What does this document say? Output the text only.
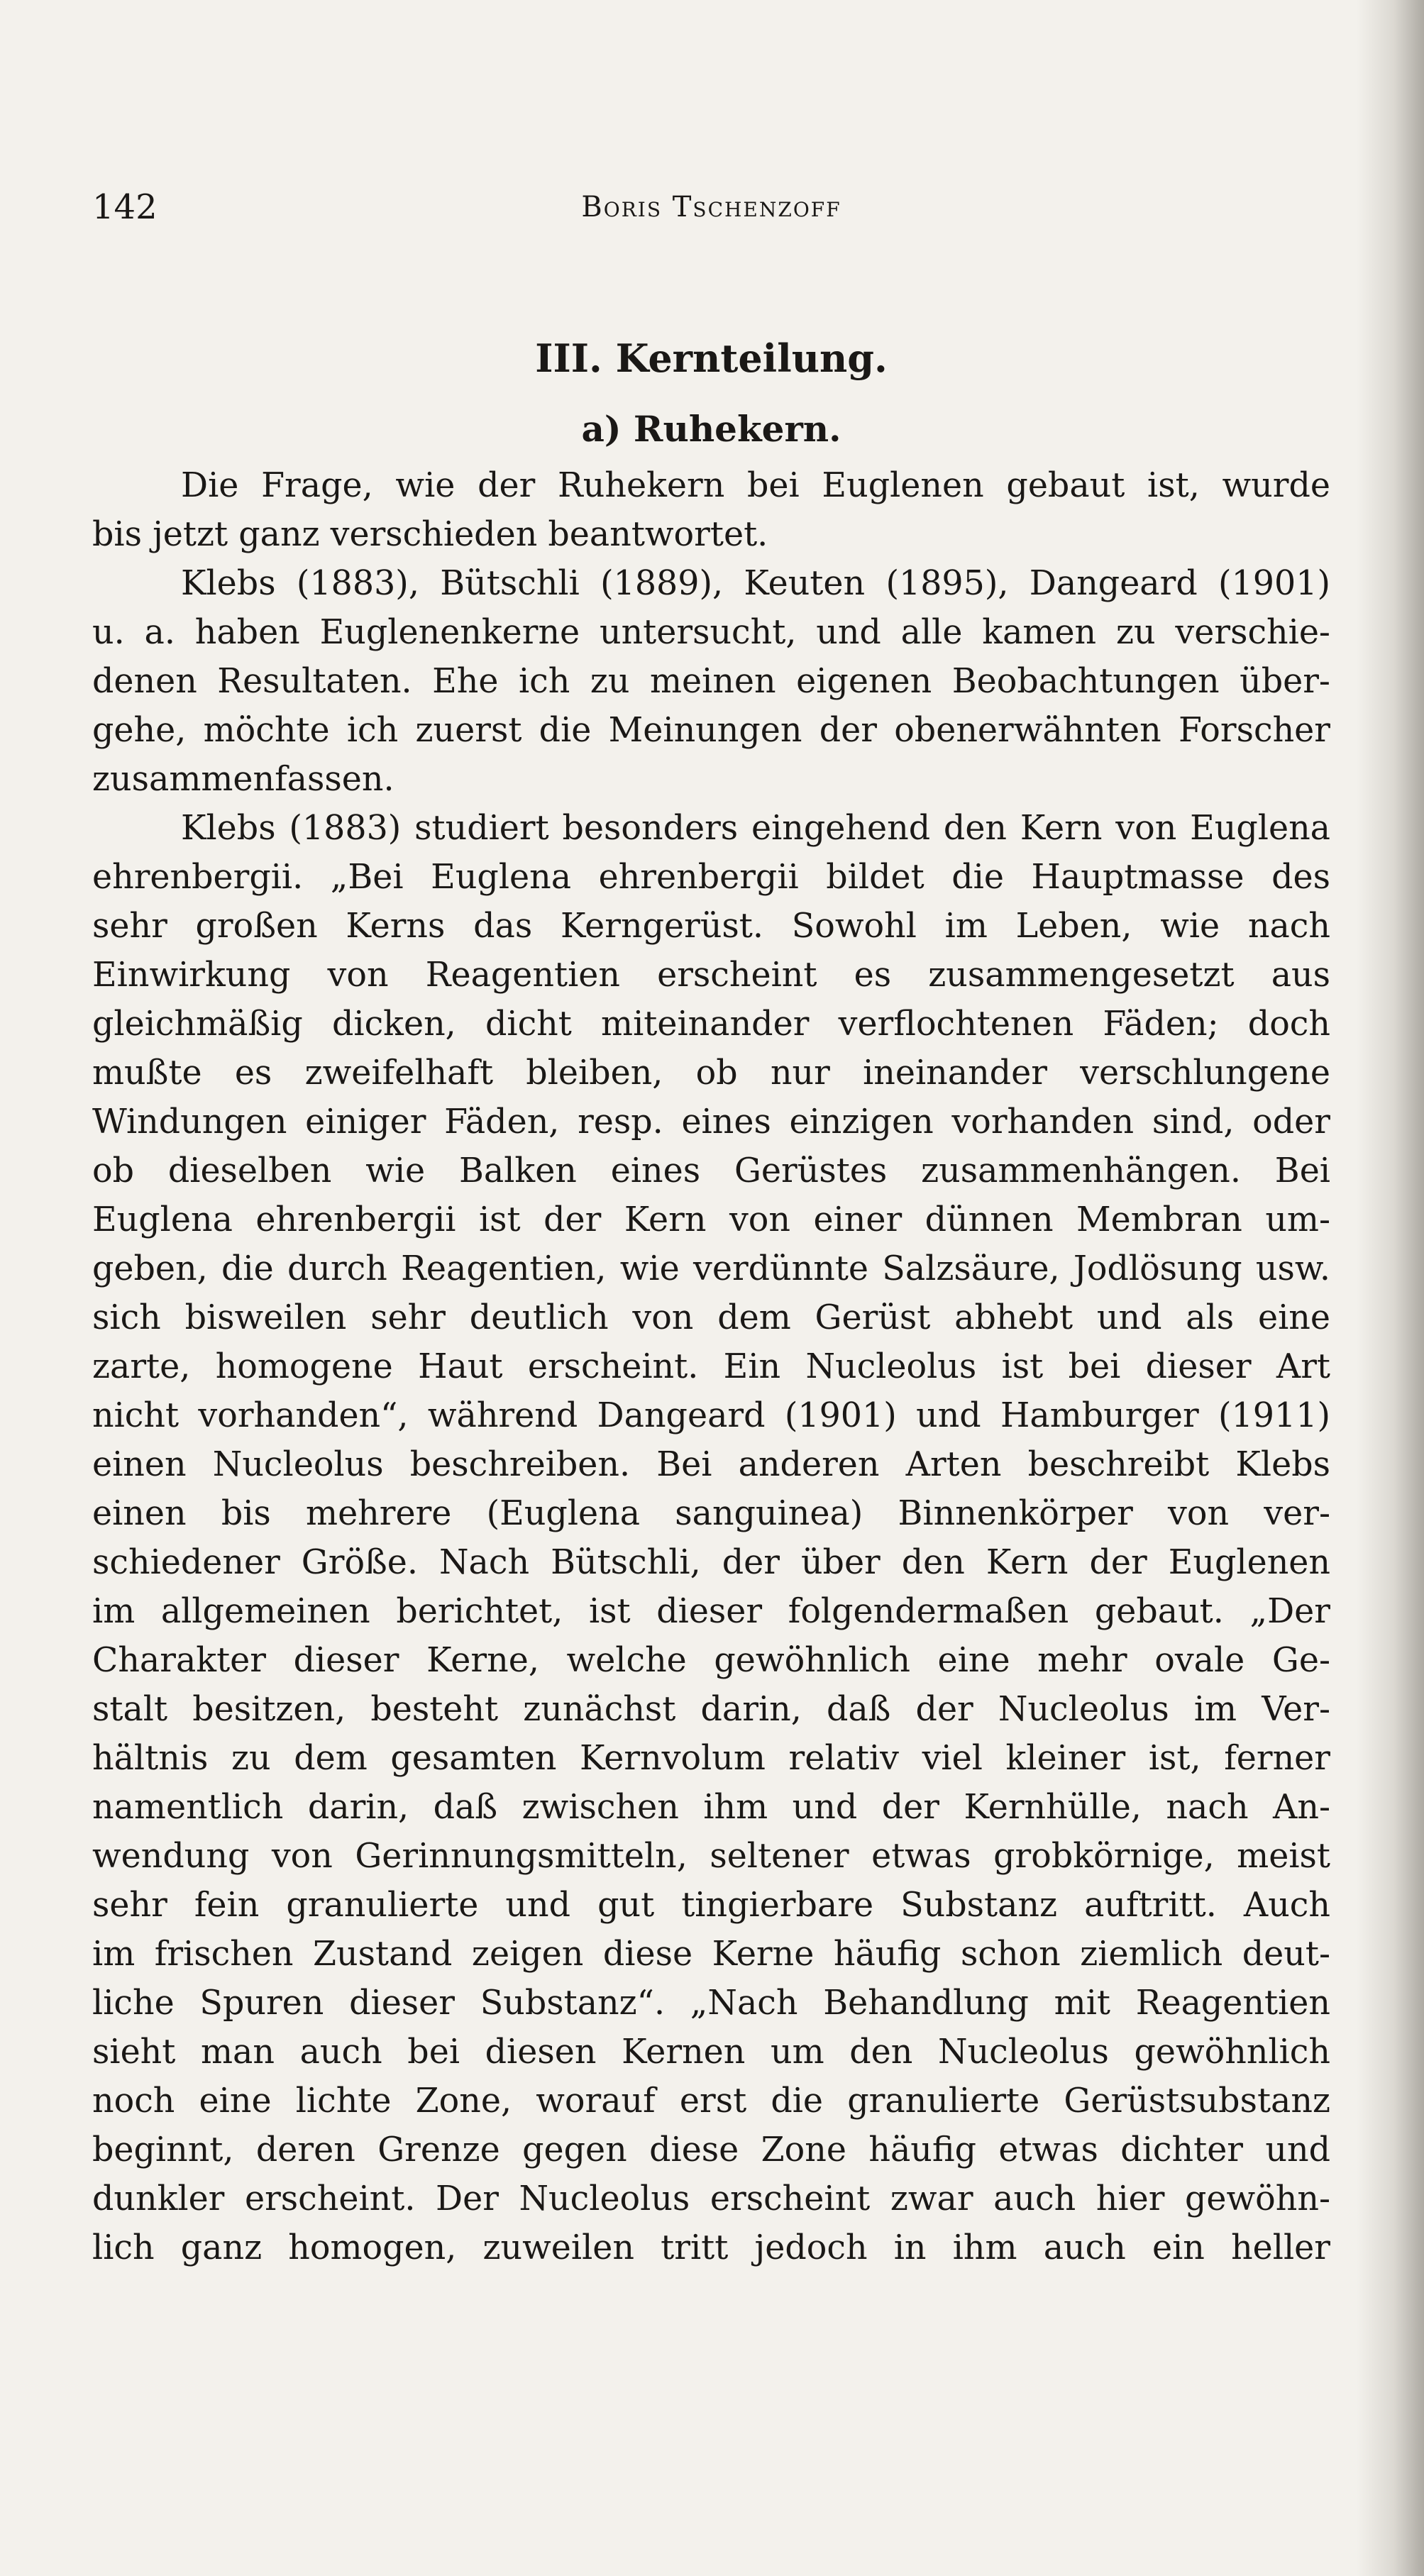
142	Boris Tschenzoff
III. Kernteilung.
a) Ruhekern.
Die Frage, wie der Ruhekern bei Euglenen gebaut ist, wurde
bis jetzt ganz verschieden beantwortet.
Klebs (1883), Bütschli (1889), Keuten (1895), Dangeard (1901)
u. a. haben Euglenenkerne untersucht, und alle kamen zu verschie-
denen Resultaten. Ehe ich zu meinen eigenen Beobachtungen über-
gehe, möchte ich zuerst die Meinungen der obenerwähnten Forscher
zusammenfassen.
Klebs (1883) studiert besonders eingehend den Kern von Euglena
ehrenbergii. „Bei Euglena ehrenbergii bildet die Hauptmasse des
sehr großen Kerns das Kerngerüst. Sowohl im Leben, wie nach
Einwirkung von Reagentien erscheint es zusammengesetzt aus
gleichmäßig dicken, dicht miteinander verflochtenen Fäden; doch
mußte es zweifelhaft bleiben, ob nur ineinander verschlungene
Windungen einiger Fäden, resp. eines einzigen vorhanden sind, oder
ob dieselben wie Balken eines Gerüstes zusammenhängen. Bei
Euglena ehrenbergii ist der Kern von einer dünnen Membran um-
geben, die durch Reagentien, wie verdünnte Salzsäure, Jodlösung usw.
sich bisweilen sehr deutlich von dem Gerüst abhebt und als eine
zarte, homogene Haut erscheint. Ein Nucleolus ist bei dieser Art
nicht vorhanden“, während Dangeard (1901) und Hamburger (1911)
einen Nucleolus beschreiben. Bei anderen Arten beschreibt Klebs
einen bis mehrere (Euglena sanguinea) Binnenkörper von ver-
schiedener Größe. Nach Bütschli, der über den Kern der Euglenen
im allgemeinen berichtet, ist dieser folgendermaßen gebaut. „Der
Charakter dieser Kerne, welche gewöhnlich eine mehr ovale Ge-
stalt besitzen, besteht zunächst darin, daß der Nucleolus im Ver-
hältnis zu dem gesamten Kernvolum relativ viel kleiner ist, ferner
namentlich darin, daß zwischen ihm und der Kernhülle, nach An-
wendung von Gerinnungsmitteln, seltener etwas grobkörnige, meist
sehr fein granulierte und gut tingierbare Substanz auftritt. Auch
im frischen Zustand zeigen diese Kerne häufig schon ziemlich deut-
liche Spuren dieser Substanz“. „Nach Behandlung mit Reagentien
sieht man auch bei diesen Kernen um den Nucleolus gewöhnlich
noch eine lichte Zone, worauf erst die granulierte Gerüstsubstanz
beginnt, deren Grenze gegen diese Zone häufig etwas dichter und
dunkler erscheint. Der Nucleolus erscheint zwar auch hier gewöhn-
lich ganz homogen, zuweilen tritt jedoch in ihm auch ein heller
